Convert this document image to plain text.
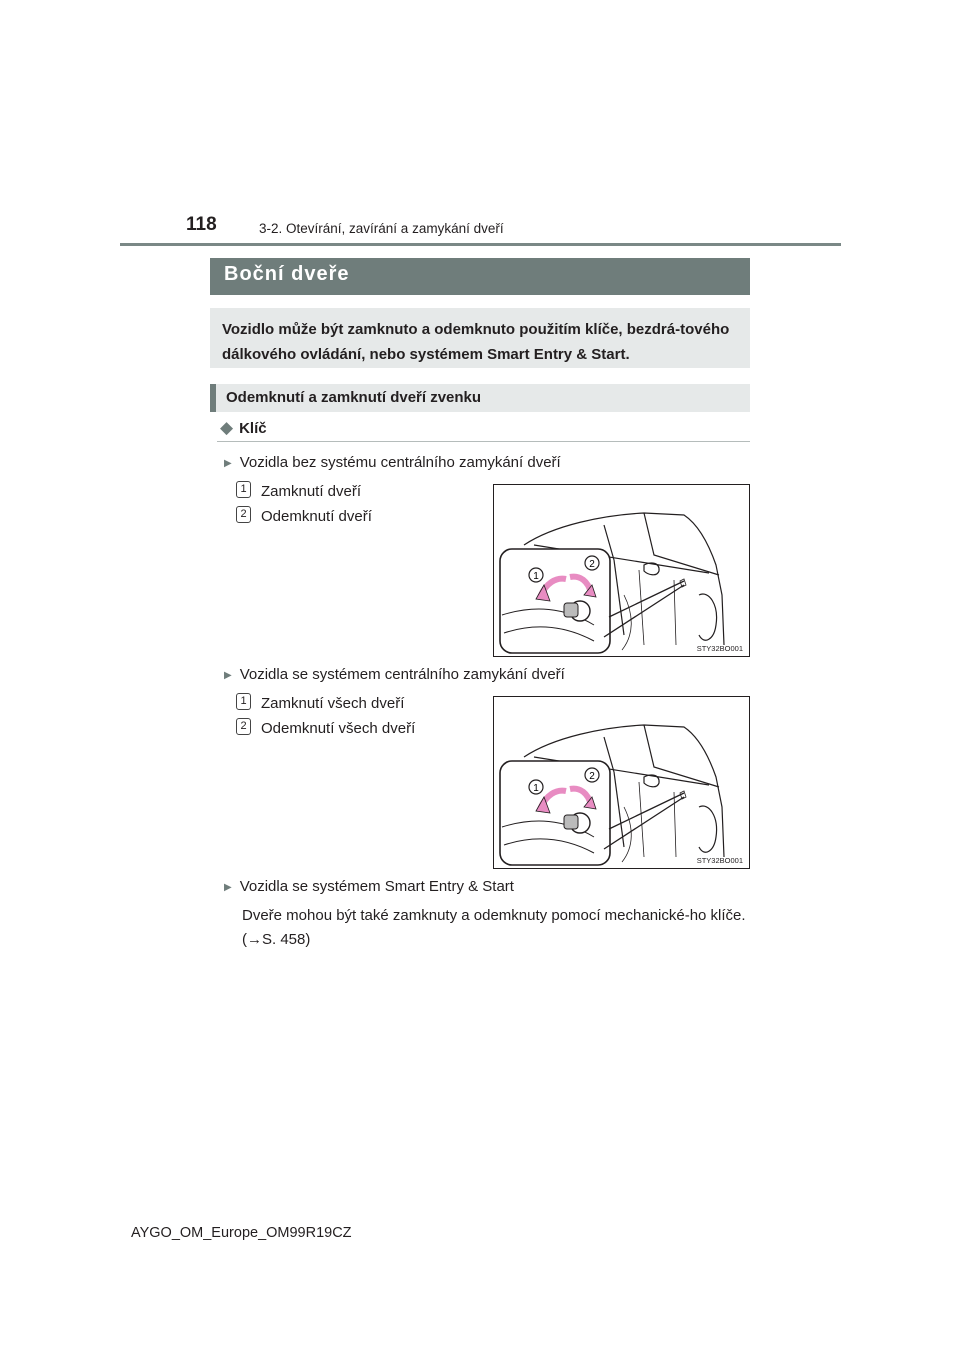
118	3-2. Otevírání, zavírání a zamykání dveří
Boční dveře
Vozidlo může být zamknuto a odemknuto použitím klíče, bezdrá-tového dálkového ovládání, nebo systémem Smart Entry & Start.
Odemknutí a zamknutí dveří zvenku
◆ Klíč
▶ Vozidla bez systému centrálního zamykání dveří
1 Zamknutí dveří
2 Odemknutí dveří
1
2
STY32BO001
▶ Vozidla se systémem centrálního zamykání dveří
1 Zamknutí všech dveří
2 Odemknutí všech dveří
1
2
STY32BO001
▶ Vozidla se systémem Smart Entry & Start
Dveře mohou být také zamknuty a odemknuty pomocí mechanické-ho klíče. (→S. 458)
AYGO_OM_Europe_OM99R19CZ
